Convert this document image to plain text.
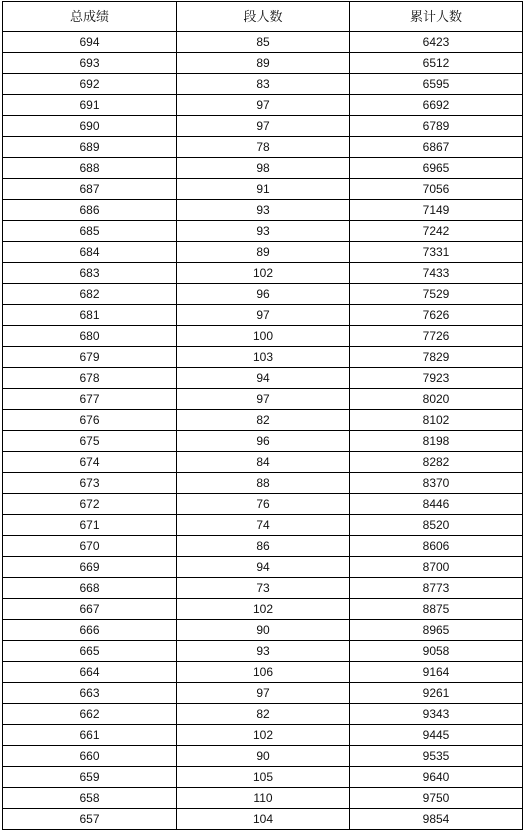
总成绩	段人数	累计人数
694	85	6423
693	89	6512
692	83	6595
691	97	6692
690	97	6789
689	78	6867
688	98	6965
687	91	7056
686	93	7149
685	93	7242
684	89	7331
683	102	7433
682	96	7529
681	97	7626
680	100	7726
679	103	7829
678	94	7923
677	97	8020
676	82	8102
675	96	8198
674	84	8282
673	88	8370
672	76	8446
671	74	8520
670	86	8606
669	94	8700
668	73	8773
667	102	8875
666	90	8965
665	93	9058
664	106	9164
663	97	9261
662	82	9343
661	102	9445
660	90	9535
659	105	9640
658	110	9750
657	104	9854
